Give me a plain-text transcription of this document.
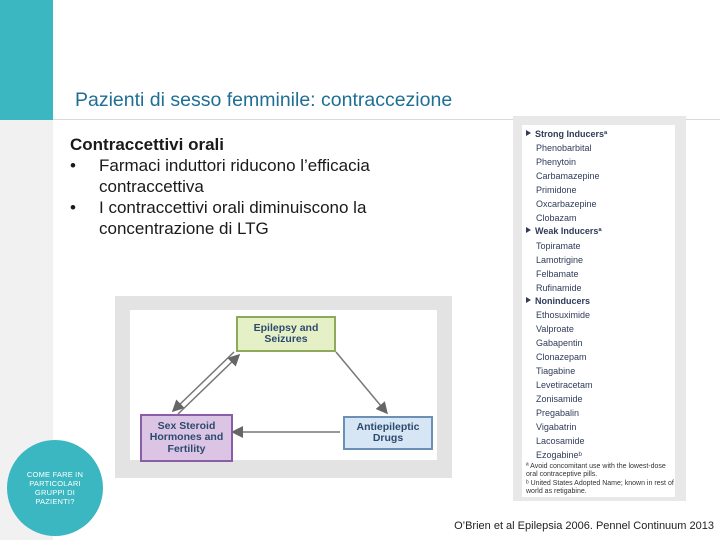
COME FARE IN PARTICOLARI GRUPPI DI PAZIENTI?
Pazienti di sesso femminile: contraccezione
Contraccettivi orali
• Farmaci induttori riducono l’efficacia contraccettiva
• I contraccettivi orali diminuiscono la concentrazione di LTG
Epilepsy and Seizures
Sex Steroid Hormones and Fertility
Antiepileptic Drugs
Strong Inducersª
Phenobarbital
Phenytoin
Carbamazepine
Primidone
Oxcarbazepine
Clobazam
Weak Inducersª
Topiramate
Lamotrigine
Felbamate
Rufinamide
Noninducers
Ethosuximide
Valproate
Gabapentin
Clonazepam
Tiagabine
Levetiracetam
Zonisamide
Pregabalin
Vigabatrin
Lacosamide
Ezogabineᵇ
ª Avoid concomitant use with the lowest-dose oral contraceptive pills.
ᵇ United States Adopted Name; known in rest of world as retigabine.
O’Brien et al Epilepsia 2006. Pennel Continuum 2013
